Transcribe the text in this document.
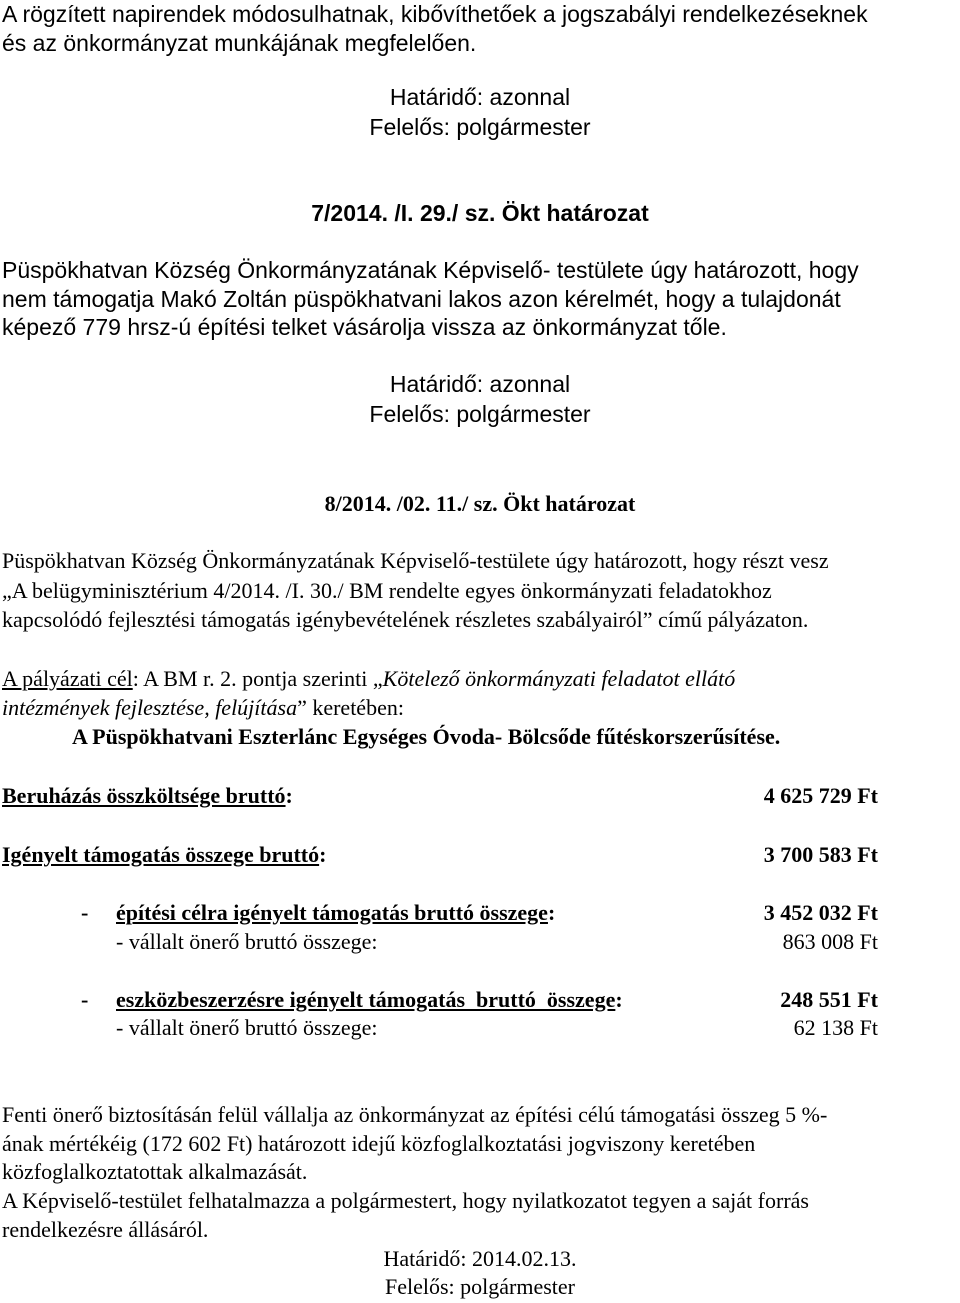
A rögzített napirendek módosulhatnak, kibővíthetőek a jogszabályi rendelkezéseknek
és az önkormányzat munkájának megfelelően.
Határidő: azonnal
Felelős: polgármester
7/2014. /I. 29./ sz. Ökt határozat
Püspökhatvan Község Önkormányzatának Képviselő- testülete úgy határozott, hogy
nem támogatja Makó Zoltán püspökhatvani lakos azon kérelmét, hogy a tulajdonát
képező 779 hrsz-ú építési telket vásárolja vissza az önkormányzat tőle.
Határidő: azonnal
Felelős: polgármester
8/2014. /02. 11./ sz. Ökt határozat
Püspökhatvan Község Önkormányzatának Képviselő-testülete úgy határozott, hogy részt vesz
„A belügyminisztérium 4/2014. /I. 30./ BM rendelte egyes önkormányzati feladatokhoz
kapcsolódó fejlesztési támogatás igénybevételének részletes szabályairól” című pályázaton.
A pályázati cél: A BM r. 2. pontja szerinti „Kötelező önkormányzati feladatot ellátó
intézmények fejlesztése, felújítása” keretében:
A Püspökhatvani Eszterlánc Egységes Óvoda- Bölcsőde fűtéskorszerűsítése.
Beruházás összköltsége bruttó:	4 625 729 Ft
Igényelt támogatás összege bruttó:	3 700 583 Ft
- építési célra igényelt támogatás bruttó összege:	3 452 032 Ft
- vállalt önerő bruttó összege:	863 008 Ft
- eszközbeszerzésre igényelt támogatás  bruttó  összege:	248 551 Ft
- vállalt önerő bruttó összege:	62 138 Ft
Fenti önerő biztosításán felül vállalja az önkormányzat az építési célú támogatási összeg 5 %-
ának mértékéig (172 602 Ft) határozott idejű közfoglalkoztatási jogviszony keretében
közfoglalkoztatottak alkalmazását.
A Képviselő-testület felhatalmazza a polgármestert, hogy nyilatkozatot tegyen a saját forrás
rendelkezésre állásáról.
Határidő: 2014.02.13.
Felelős: polgármester
